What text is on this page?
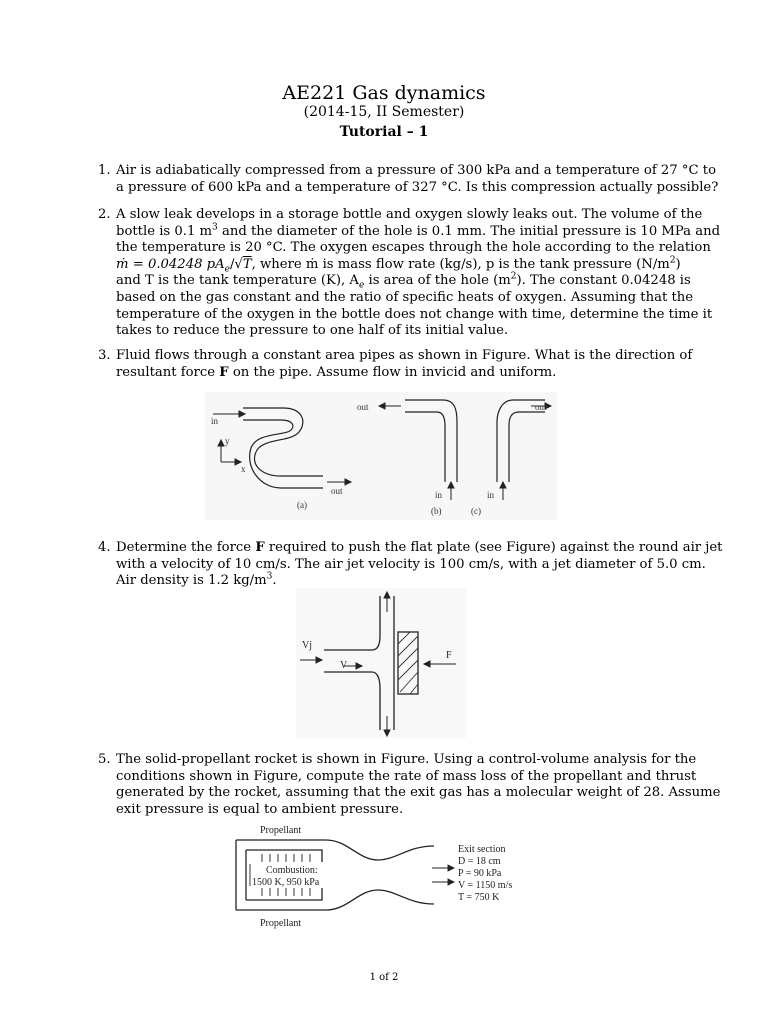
AE221 Gas dynamics
(2014-15, II Semester)
Tutorial – 1
1. Air is adiabatically compressed from a pressure of 300 kPa and a temperature of 27 °C to
a pressure of 600 kPa and a temperature of 327 °C. Is this compression actually possible?
2. A slow leak develops in a storage bottle and oxygen slowly leaks out. The volume of the
bottle is 0.1 $m^3$ and the diameter of the hole is 0.1 mm. The initial pressure is 10 MPa and
the temperature is 20 °C. The oxygen escapes through the hole according to the relation
ṁ = 0.04248 $pA_e/√T$, where ṁ is mass flow rate (kg/s), p is the tank pressure $(N/m^2)$
and T is the tank temperature (K), $A_e$ is area of the hole $(m^2)$. The constant 0.04248 is
based on the gas constant and the ratio of specific heats of oxygen. Assuming that the
temperature of the oxygen in the bottle does not change with time, determine the time it
takes to reduce the pressure to one half of its initial value.
3. Fluid flows through a constant area pipes as shown in Figure. What is the direction of
resultant force F on the pipe. Assume flow in invicid and uniform.
in
y
x
out
(a)
out
in
(b)
out
in
(c)
4. Determine the force F required to push the flat plate (see Figure) against the round air jet
with a velocity of 10 cm/s. The air jet velocity is 100 cm/s, with a jet diameter of 5.0 cm.
Air density is 1.2 $kg/m^3$.
Vj
V
F
5. The solid-propellant rocket is shown in Figure. Using a control-volume analysis for the
conditions shown in Figure, compute the rate of mass loss of the propellant and thrust
generated by the rocket, assuming that the exit gas has a molecular weight of 28. Assume
exit pressure is equal to ambient pressure.
Propellant
Propellant
Combustion:
1500 K, 950 kPa
Exit section
D = 18 cm
P = 90 kPa
V = 1150 m/s
T = 750 K
1 of 2
